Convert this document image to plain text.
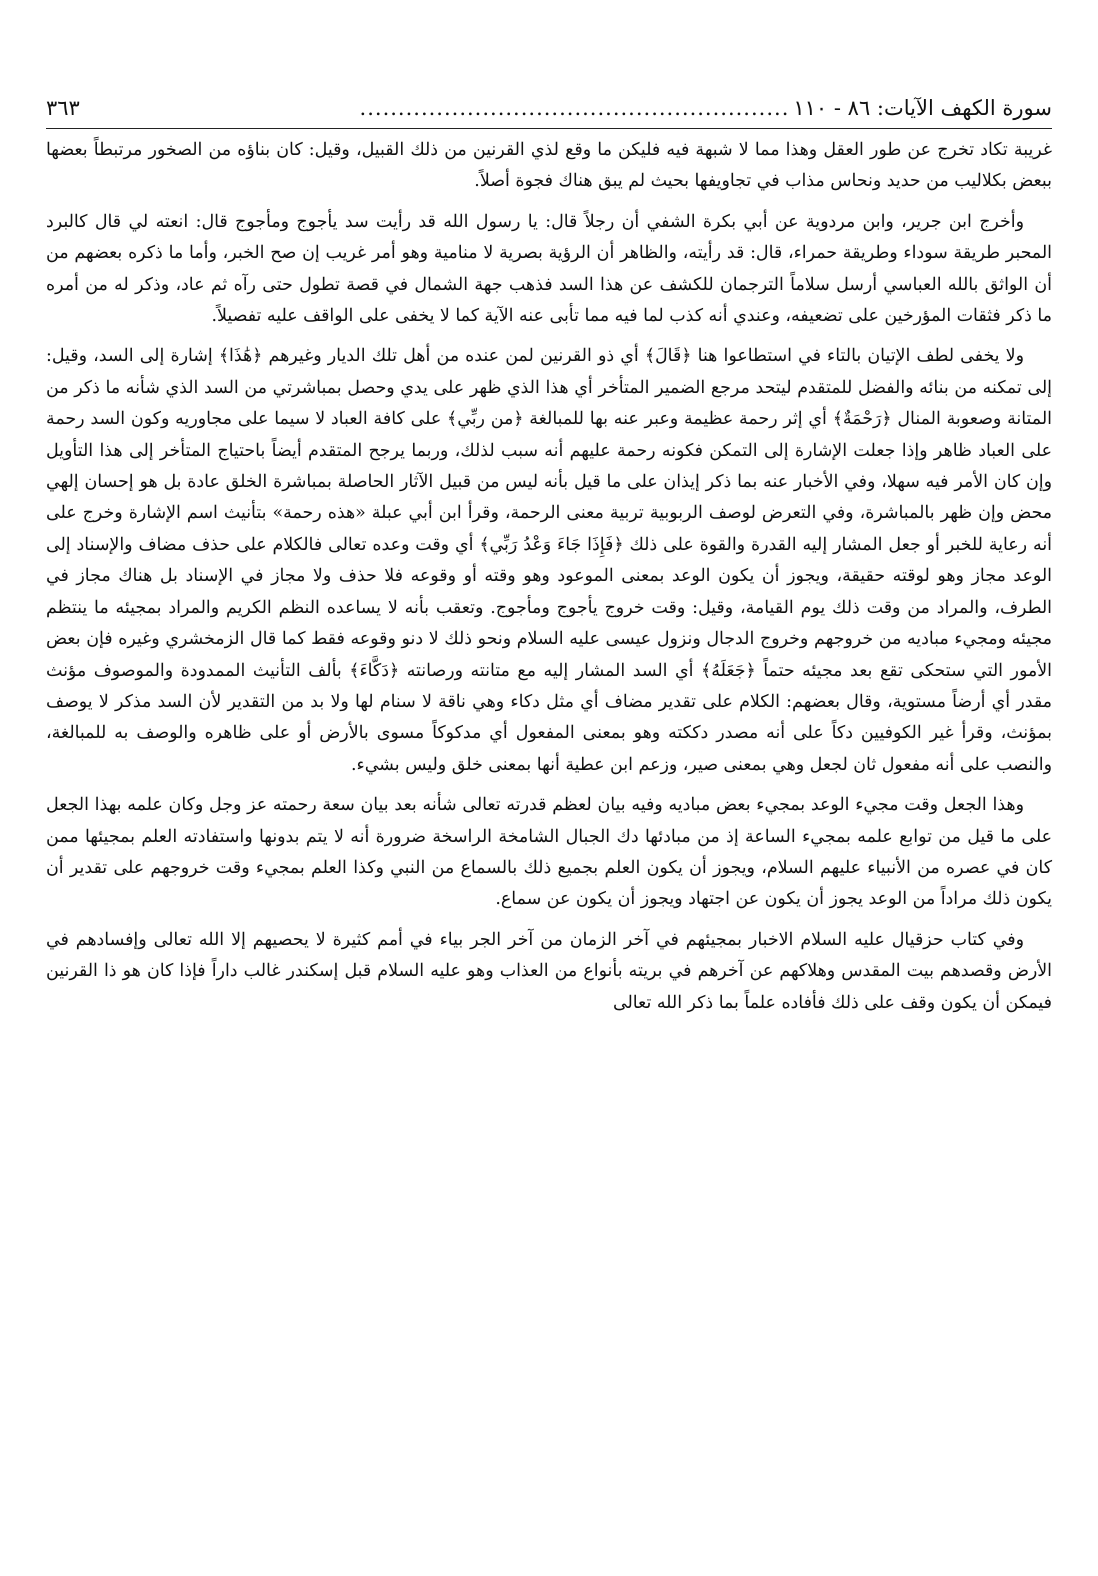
سورة الكهف الآيات: ٨٦ - ١١٠
........................................................
٣٦٣

غريبة تكاد تخرج عن طور العقل وهذا مما لا شبهة فيه فليكن ما وقع لذي القرنين من ذلك القبيل، وقيل: كان بناؤه من الصخور مرتبطاً بعضها ببعض بكلاليب من حديد ونحاس مذاب في تجاويفها بحيث لم يبق هناك فجوة أصلاً.

وأخرج ابن جرير، وابن مردوية عن أبي بكرة الشفي أن رجلاً قال: يا رسول الله قد رأيت سد يأجوج ومأجوج قال: انعته لي قال كالبرد المحبر طريقة سوداء وطريقة حمراء، قال: قد رأيته، والظاهر أن الرؤية بصرية لا منامية وهو أمر غريب إن صح الخبر، وأما ما ذكره بعضهم من أن الواثق بالله العباسي أرسل سلاماً الترجمان للكشف عن هذا السد فذهب جهة الشمال في قصة تطول حتى رآه ثم عاد، وذكر له من أمره ما ذكر فثقات المؤرخين على تضعيفه، وعندي أنه كذب لما فيه مما تأبى عنه الآية كما لا يخفى على الواقف عليه تفصيلاً.

ولا يخفى لطف الإتيان بالتاء في استطاعوا هنا ﴿قَالَ﴾ أي ذو القرنين لمن عنده من أهل تلك الديار وغيرهم ﴿هَٰذَا﴾ إشارة إلى السد، وقيل: إلى تمكنه من بنائه والفضل للمتقدم ليتحد مرجع الضمير المتأخر أي هذا الذي ظهر على يدي وحصل بمباشرتي من السد الذي شأنه ما ذكر من المتانة وصعوبة المنال ﴿رَحْمَةٌ﴾ أي إثر رحمة عظيمة وعبر عنه بها للمبالغة ﴿من ربِّي﴾ على كافة العباد لا سيما على مجاوريه وكون السد رحمة على العباد ظاهر وإذا جعلت الإشارة إلى التمكن فكونه رحمة عليهم أنه سبب لذلك، وربما يرجح المتقدم أيضاً باحتياج المتأخر إلى هذا التأويل وإن كان الأمر فيه سهلا، وفي الأخبار عنه بما ذكر إيذان على ما قيل بأنه ليس من قبيل الآثار الحاصلة بمباشرة الخلق عادة بل هو إحسان إلهي محض وإن ظهر بالمباشرة، وفي التعرض لوصف الربوبية تربية معنى الرحمة، وقرأ ابن أبي عبلة «هذه رحمة» بتأنيث اسم الإشارة وخرج على أنه رعاية للخبر أو جعل المشار إليه القدرة والقوة على ذلك ﴿فَإِذَا جَاءَ وَعْدُ رَبِّي﴾ أي وقت وعده تعالى فالكلام على حذف مضاف والإسناد إلى الوعد مجاز وهو لوقته حقيقة، ويجوز أن يكون الوعد بمعنى الموعود وهو وقته أو وقوعه فلا حذف ولا مجاز في الإسناد بل هناك مجاز في الطرف، والمراد من وقت ذلك يوم القيامة، وقيل: وقت خروج يأجوج ومأجوج. وتعقب بأنه لا يساعده النظم الكريم والمراد بمجيئه ما ينتظم مجيئه ومجيء مباديه من خروجهم وخروج الدجال ونزول عيسى عليه السلام ونحو ذلك لا دنو وقوعه فقط كما قال الزمخشري وغيره فإن بعض الأمور التي ستحكى تقع بعد مجيئه حتماً ﴿جَعَلَهُ﴾ أي السد المشار إليه مع متانته ورصانته ﴿دَكَّاءَ﴾ بألف التأنيث الممدودة والموصوف مؤنث مقدر أي أرضاً مستوية، وقال بعضهم: الكلام على تقدير مضاف أي مثل دكاء وهي ناقة لا سنام لها ولا بد من التقدير لأن السد مذكر لا يوصف بمؤنث، وقرأ غير الكوفيين دكاً على أنه مصدر دككته وهو بمعنى المفعول أي مدكوكاً مسوى بالأرض أو على ظاهره والوصف به للمبالغة، والنصب على أنه مفعول ثان لجعل وهي بمعنى صير، وزعم ابن عطية أنها بمعنى خلق وليس بشيء.

وهذا الجعل وقت مجيء الوعد بمجيء بعض مباديه وفيه بيان لعظم قدرته تعالى شأنه بعد بيان سعة رحمته عز وجل وكان علمه بهذا الجعل على ما قيل من توابع علمه بمجيء الساعة إذ من مبادئها دك الجبال الشامخة الراسخة ضرورة أنه لا يتم بدونها واستفادته العلم بمجيئها ممن كان في عصره من الأنبياء عليهم السلام، ويجوز أن يكون العلم بجميع ذلك بالسماع من النبي وكذا العلم بمجيء وقت خروجهم على تقدير أن يكون ذلك مراداً من الوعد يجوز أن يكون عن اجتهاد ويجوز أن يكون عن سماع.

وفي كتاب حزقيال عليه السلام الاخبار بمجيئهم في آخر الزمان من آخر الجر بياء في أمم كثيرة لا يحصيهم إلا الله تعالى وإفسادهم في الأرض وقصدهم بيت المقدس وهلاكهم عن آخرهم في بريته بأنواع من العذاب وهو عليه السلام قبل إسكندر غالب داراً فإذا كان هو ذا القرنين فيمكن أن يكون وقف على ذلك فأفاده علماً بما ذكر الله تعالى
